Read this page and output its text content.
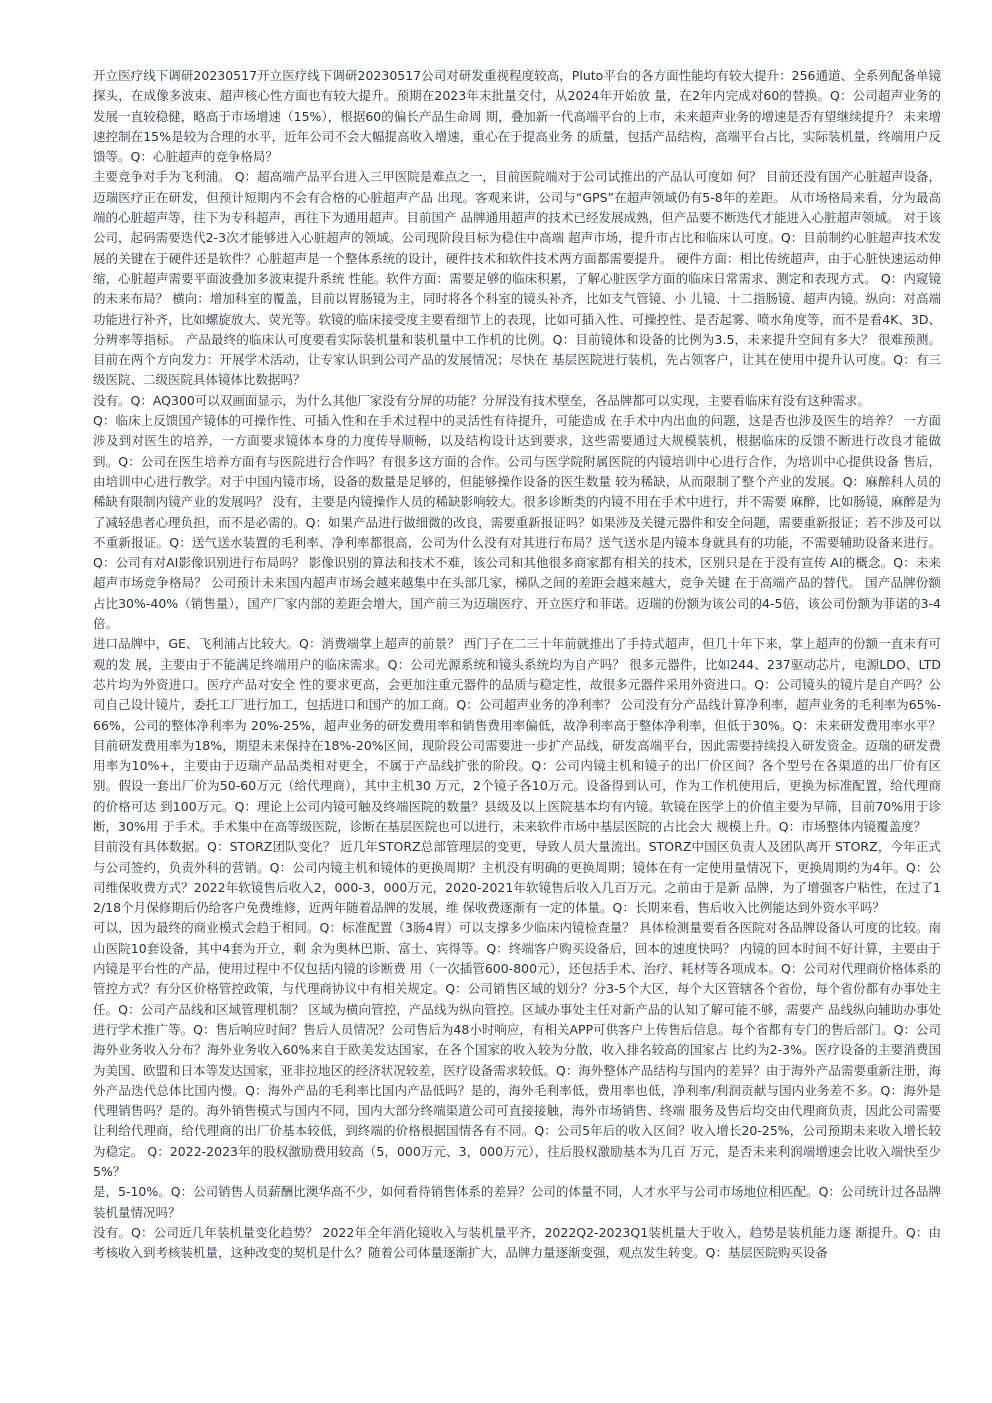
开立医疗线下调研20230517开立医疗线下调研20230517公司对研发重视程度较高，Pluto平台的各方面性能均有较大提升：256通道、全系列配备单镜 探头，在成像多波束、超声核心性方面也有较大提升。预期在2023年末批量交付，从2024年开始放 量，在2年内完成对60的替换。Q：公司超声业务的发展一直较稳健，略高于市场增速（15%），根据60的偏长产品生命周 期，叠加新一代高端平台的上市，未来超声业务的增速是否有望继续提升？ 未来增速控制在15%是较为合理的水平，近年公司不会大幅提高收入增速，重心在于提高业务 的质量，包括产品结构，高端平台占比，实际装机量，终端用户反馈等。Q：心脏超声的竞争格局？

主要竞争对手为飞利浦。 Q：超高端产品平台进入三甲医院是难点之一，目前医院端对于公司试推出的产品认可度如 何？ 目前还没有国产心脏超声设备，迈瑞医疗正在研发，但预计短期内不会有合格的心脏超声产品 出现。客观来讲，公司与“GPS”在超声领域仍有5-8年的差距。 从市场格局来看，分为最高端的心脏超声等，往下为专科超声，再往下为通用超声。目前国产 品牌通用超声的技术已经发展成熟，但产品要不断迭代才能进入心脏超声领域。 对于该公司，起码需要迭代2-3次才能够进入心脏超声的领域。公司现阶段目标为稳住中高端 超声市场，提升市占比和临床认可度。Q：目前制约心脏超声技术发展的关键在于硬件还是软件？心脏超声是一个整体系统的设计，硬件技术和软件技术两方面都需要提升。 硬件方面：相比传统超声，由于心脏快速运动伸缩，心脏超声需要平面波叠加多波束提升系统 性能。软件方面：需要足够的临床积累，了解心脏医学方面的临床日常需求、测定和表现方式。 Q：内窥镜的未来布局？ 横向：增加科室的覆盖，目前以胃肠镜为主，同时将各个科室的镜头补齐，比如支气管镜、小 儿镜、十二指肠镜、超声内镜。纵向：对高端功能进行补齐，比如螺旋放大、荧光等。软镜的临床接受度主要看细节上的表现，比如可插入性、可操控性、是否起雾、喷水角度等，而不是看4K、3D、分辨率等指标。 产品最终的临床认可度要看实际装机量和装机量中工作机的比例。Q：目前镜体和设备的比例为3.5，未来提升空间有多大？ 很难预测。目前在两个方向发力：开展学术活动，让专家认识到公司产品的发展情况；尽快在 基层医院进行装机，先占领客户，让其在使用中提升认可度。Q：有三级医院、二级医院具体镜体比数据吗？

没有。Q：AQ300可以双画面显示，为什么其他厂家没有分屏的功能？分屏没有技术壁垒，各品牌都可以实现，主要看临床有没有这种需求。

Q：临床上反馈国产镜体的可操作性、可插入性和在手术过程中的灵活性有待提升，可能造成 在手术中内出血的问题，这是否也涉及医生的培养？ 一方面涉及到对医生的培养，一方面要求镜体本身的力度传导顺畅，以及结构设计达到要求，这些需要通过大规模装机，根据临床的反馈不断进行改良才能做到。Q：公司在医生培养方面有与医院进行合作吗？有很多这方面的合作。公司与医学院附属医院的内镜培训中心进行合作，为培训中心提供设备 售后，由培训中心进行教学。对于中国内镜市场，设备的数量是足够的，但能够操作设备的医生数量 较为稀缺，从而限制了整个产业的发展。Q：麻醉科人员的稀缺有限制内镜产业的发展吗？ 没有，主要是内镜操作人员的稀缺影响较大。很多诊断类的内镜不用在手术中进行，并不需要 麻醉，比如肠镜，麻醉是为了减轻患者心理负担，而不是必需的。Q：如果产品进行做细微的改良，需要重新报证吗？如果涉及关键元器件和安全问题，需要重新报证；若不涉及可以不重新报证。Q：送气送水装置的毛利率、净利率都很高，公司为什么没有对其进行布局？送气送水是内镜本身就具有的功能，不需要辅助设备来进行。Q：公司有对AI影像识别进行布局吗？ 影像识别的算法和技术不难，该公司和其他很多商家都有相关的技术，区别只是在于没有宣传 AI的概念。Q：未来超声市场竞争格局？ 公司预计未来国内超声市场会越来越集中在头部几家，梯队之间的差距会越来越大，竞争关键 在于高端产品的替代。 国产品牌份额占比30%-40%（销售量），国产厂家内部的差距会增大，国产前三为迈瑞医疗、开立医疗和菲诺。迈瑞的份额为该公司的4-5倍，该公司份额为菲诺的3-4倍。

进口品牌中，GE、飞利浦占比较大。Q：消费端掌上超声的前景？ 西门子在二三十年前就推出了手持式超声，但几十年下来，掌上超声的份额一直未有可观的发 展，主要由于不能满足终端用户的临床需求。Q：公司光源系统和镜头系统均为自产吗？ 很多元器件，比如244、237驱动芯片，电源LDO、LTD芯片均为外资进口。医疗产品对安全 性的要求更高，会更加注重元器件的品质与稳定性，故很多元器件采用外资进口。Q：公司镜头的镜片是自产吗？公司自己设计镜片，委托工厂进行加工，包括进口和国产的加工商。Q：公司超声业务的净利率？ 公司没有分产品线计算净利率，超声业务的毛利率为65%-66%，公司的整体净利率为 20%-25%，超声业务的研发费用率和销售费用率偏低，故净利率高于整体净利率，但低于30%。Q：未来研发费用率水平？ 目前研发费用率为18%，期望未来保持在18%-20%区间，现阶段公司需要进一步扩产品线，研发高端平台，因此需要持续投入研发资金。迈瑞的研发费用率为10%+，主要由于迈瑞产品品类相对更全，不属于产品线扩张的阶段。Q：公司内镜主机和镜子的出厂价区间？各个型号在各渠道的出厂价有区别。假设一套出厂价为50-60万元（给代理商），其中主机30 万元，2个镜子各10万元。设备得到认可，作为工作机使用后，更换为标准配置，给代理商的价格可达 到100万元。Q：理论上公司内镜可触及终端医院的数量？县级及以上医院基本均有内镜。软镜在医学上的价值主要为早筛，目前70%用于诊断，30%用 于手术。手术集中在高等级医院，诊断在基层医院也可以进行，未来软件市场中基层医院的占比会大 规模上升。Q：市场整体内镜覆盖度？

目前没有具体数据。Q：STORZ团队变化？ 近几年STORZ总部管理层的变更，导致人员大量流出。STORZ中国区负责人及团队离开 STORZ，今年正式与公司签约，负责外科的营销。Q：公司内镜主机和镜体的更换周期？主机没有明确的更换周期；镜体在有一定使用量情况下，更换周期约为4年。Q：公司维保收费方式？2022年软镜售后收入2，000-3，000万元，2020-2021年软镜售后收入几百万元。之前由于是新 品牌，为了增强客户粘性，在过了12/18个月保修期后仍给客户免费维修，近两年随着品牌的发展，维 保收费逐渐有一定的体量。Q：长期来看，售后收入比例能达到外资水平吗？

可以，因为最终的商业模式会趋于相同。Q：标准配置（3肠4胃）可以支撑多少临床内镜检查量？ 具体检测量要看各医院对各品牌设备认可度的比较。南山医院10套设备，其中4套为开立，剩 余为奥林巴斯、富士、宾得等。Q：终端客户购买设备后，回本的速度快吗？ 内镜的回本时间不好计算，主要由于内镜是平台性的产品，使用过程中不仅包括内镜的诊断费 用（一次插管600-800元），还包括手术、治疗、耗材等各项成本。Q：公司对代理商价格体系的管控方式？有分区价格管控政策，与代理商协议中有相关规定。Q：公司销售区域的划分？分3-5个大区，每个大区管辖各个省份，每个省份都有办事处主任。Q：公司产品线和区域管理机制？ 区域为横向管控，产品线为纵向管控。区域办事处主任对新产品的认知了解可能不够，需要产 品线纵向辅助办事处进行学术推广等。Q：售后响应时间？售后人员情况？公司售后为48小时响应，有相关APP可供客户上传售后信息。每个省都有专门的售后部门。Q：公司海外业务收入分布？海外业务收入60%来自于欧美发达国家，在各个国家的收入较为分散，收入排名较高的国家占 比约为2-3%。医疗设备的主要消费国为美国、欧盟和日本等发达国家，亚非拉地区的经济状况较差，医疗设备需求较低。Q：海外整体产品结构与国内的差异？由于海外产品需要重新注册，海外产品迭代总体比国内慢。Q：海外产品的毛利率比国内产品低吗？是的，海外毛利率低，费用率也低，净利率/利润贡献与国内业务差不多。Q：海外是代理销售吗？是的。海外销售模式与国内不同，国内大部分终端渠道公司可直接接触，海外市场销售、终端 服务及售后均交由代理商负责，因此公司需要让利给代理商，给代理商的出厂价基本较低，到终端的价格根据国情各有不同。Q：公司5年后的收入区间？收入增长20-25%，公司预期未来收入增长较为稳定。 Q：2022-2023年的股权激励费用较高（5，000万元、3，000万元），往后股权激励基本为几百 万元，是否未来利润端增速会比收入端快至少5%？

是，5-10%。Q：公司销售人员薪酬比澳华高不少，如何看待销售体系的差异？公司的体量不同，人才水平与公司市场地位相匹配。Q：公司统计过各品牌装机量情况吗？

没有。Q：公司近几年装机量变化趋势？ 2022年全年消化镜收入与装机量平齐，2022Q2-2023Q1装机量大于收入，趋势是装机能力逐 渐提升。Q：由考核收入到考核装机量，这种改变的契机是什么？随着公司体量逐渐扩大，品牌力量逐渐变强，观点发生转变。Q：基层医院购买设备
